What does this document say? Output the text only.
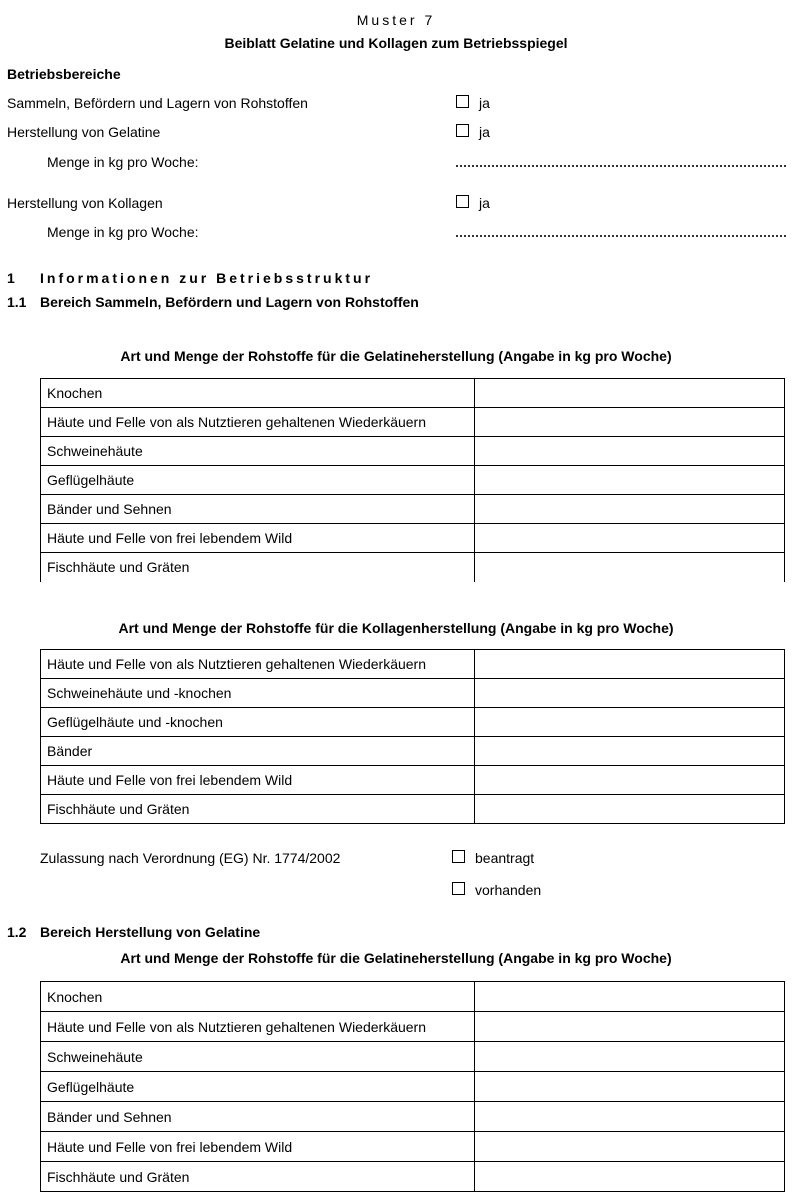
Muster 7
Beiblatt Gelatine und Kollagen zum Betriebsspiegel
Betriebsbereiche
Sammeln, Befördern und Lagern von Rohstoffen	ja
Herstellung von Gelatine	ja
Menge in kg pro Woche:
Herstellung von Kollagen	ja
Menge in kg pro Woche:
1 Informationen zur Betriebsstruktur
1.1 Bereich Sammeln, Befördern und Lagern von Rohstoffen
Art und Menge der Rohstoffe für die Gelatineherstellung (Angabe in kg pro Woche)
Knochen	
Häute und Felle von als Nutztieren gehaltenen Wiederkäuern	
Schweinehäute	
Geflügelhäute	
Bänder und Sehnen	
Häute und Felle von frei lebendem Wild	
Fischhäute und Gräten	
Art und Menge der Rohstoffe für die Kollagenherstellung (Angabe in kg pro Woche)
Häute und Felle von als Nutztieren gehaltenen Wiederkäuern	
Schweinehäute und -knochen	
Geflügelhäute und -knochen	
Bänder	
Häute und Felle von frei lebendem Wild	
Fischhäute und Gräten	
Zulassung nach Verordnung (EG) Nr. 1774/2002	beantragt
vorhanden
1.2 Bereich Herstellung von Gelatine
Art und Menge der Rohstoffe für die Gelatineherstellung (Angabe in kg pro Woche)
Knochen	
Häute und Felle von als Nutztieren gehaltenen Wiederkäuern	
Schweinehäute	
Geflügelhäute	
Bänder und Sehnen	
Häute und Felle von frei lebendem Wild	
Fischhäute und Gräten	
